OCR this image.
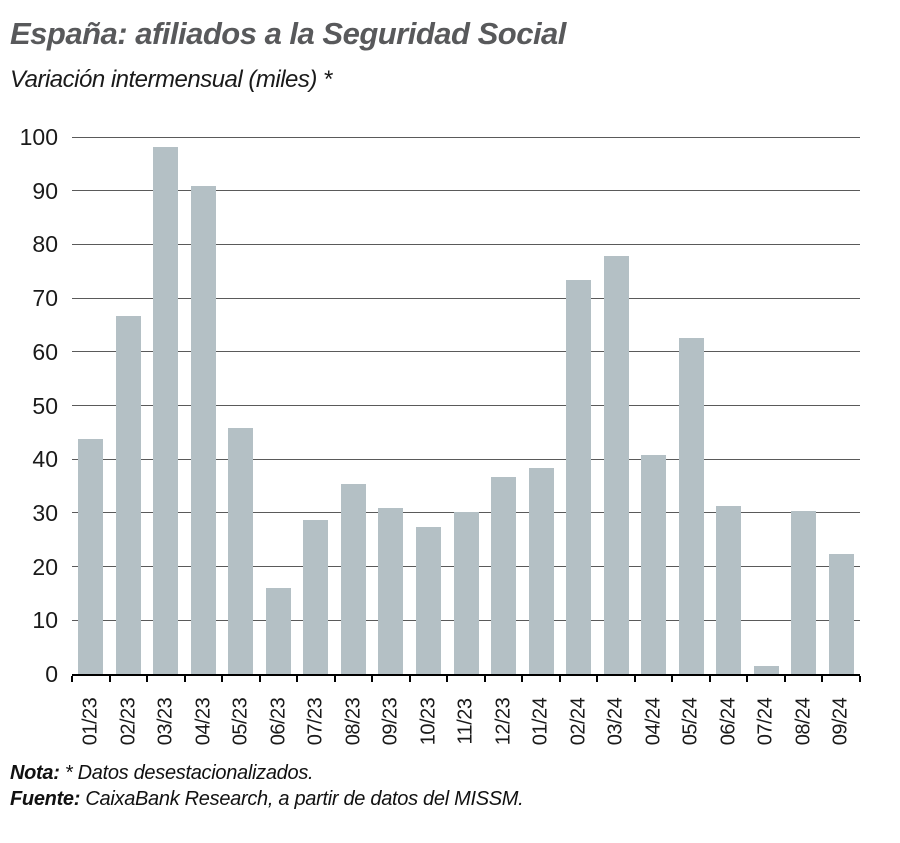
España: afiliados a la Seguridad Social
Variación intermensual (miles) *
Nota: * Datos desestacionalizados.
Fuente: CaixaBank Research, a partir de datos del MISSM.
0
10
20
30
40
50
60
70
80
90
100
01/23 02/23 03/23 04/23 05/23 06/23 07/23 08/23 09/23 10/23 11/23 12/23 01/24 02/24 03/24 04/24 05/24 06/24 07/24 08/24 09/24
